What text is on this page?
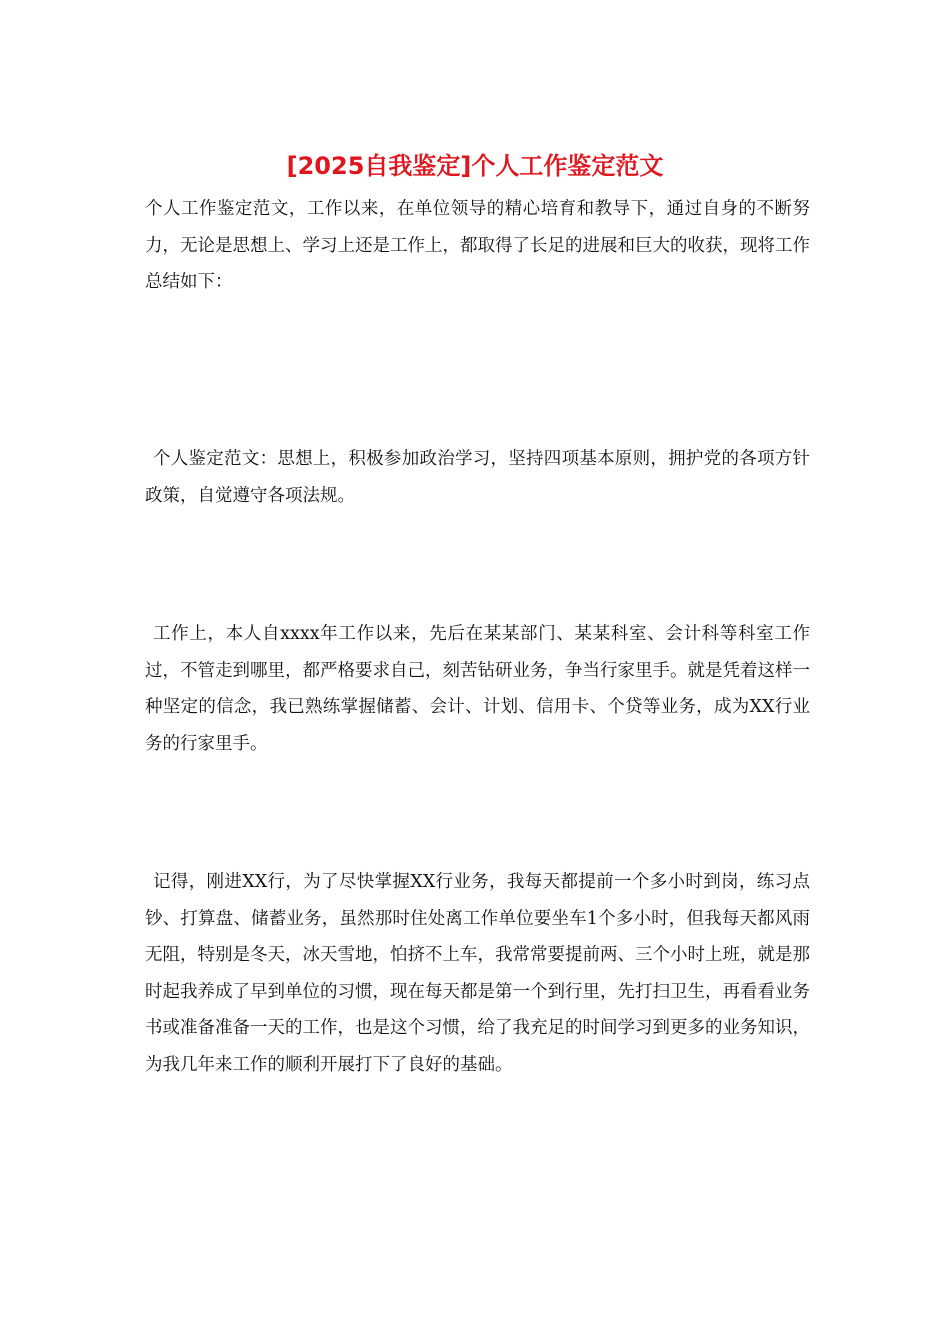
[2025自我鉴定]个人工作鉴定范文

个人工作鉴定范文，工作以来，在单位领导的精心培育和教导下，通过自身的不断努力，无论是思想上、学习上还是工作上，都取得了长足的进展和巨大的收获，现将工作总结如下：

个人鉴定范文：思想上，积极参加政治学习，坚持四项基本原则，拥护党的各项方针政策，自觉遵守各项法规。

工作上，本人自xxxx年工作以来，先后在某某部门、某某科室、会计科等科室工作过，不管走到哪里，都严格要求自己，刻苦钻研业务，争当行家里手。就是凭着这样一种坚定的信念，我已熟练掌握储蓄、会计、计划、信用卡、个贷等业务，成为XX行业务的行家里手。

记得，刚进XX行，为了尽快掌握XX行业务，我每天都提前一个多小时到岗，练习点钞、打算盘、储蓄业务，虽然那时住处离工作单位要坐车1个多小时，但我每天都风雨无阻，特别是冬天，冰天雪地，怕挤不上车，我常常要提前两、三个小时上班，就是那时起我养成了早到单位的习惯，现在每天都是第一个到行里，先打扫卫生，再看看业务书或准备准备一天的工作，也是这个习惯，给了我充足的时间学习到更多的业务知识，为我几年来工作的顺利开展打下了良好的基础。
